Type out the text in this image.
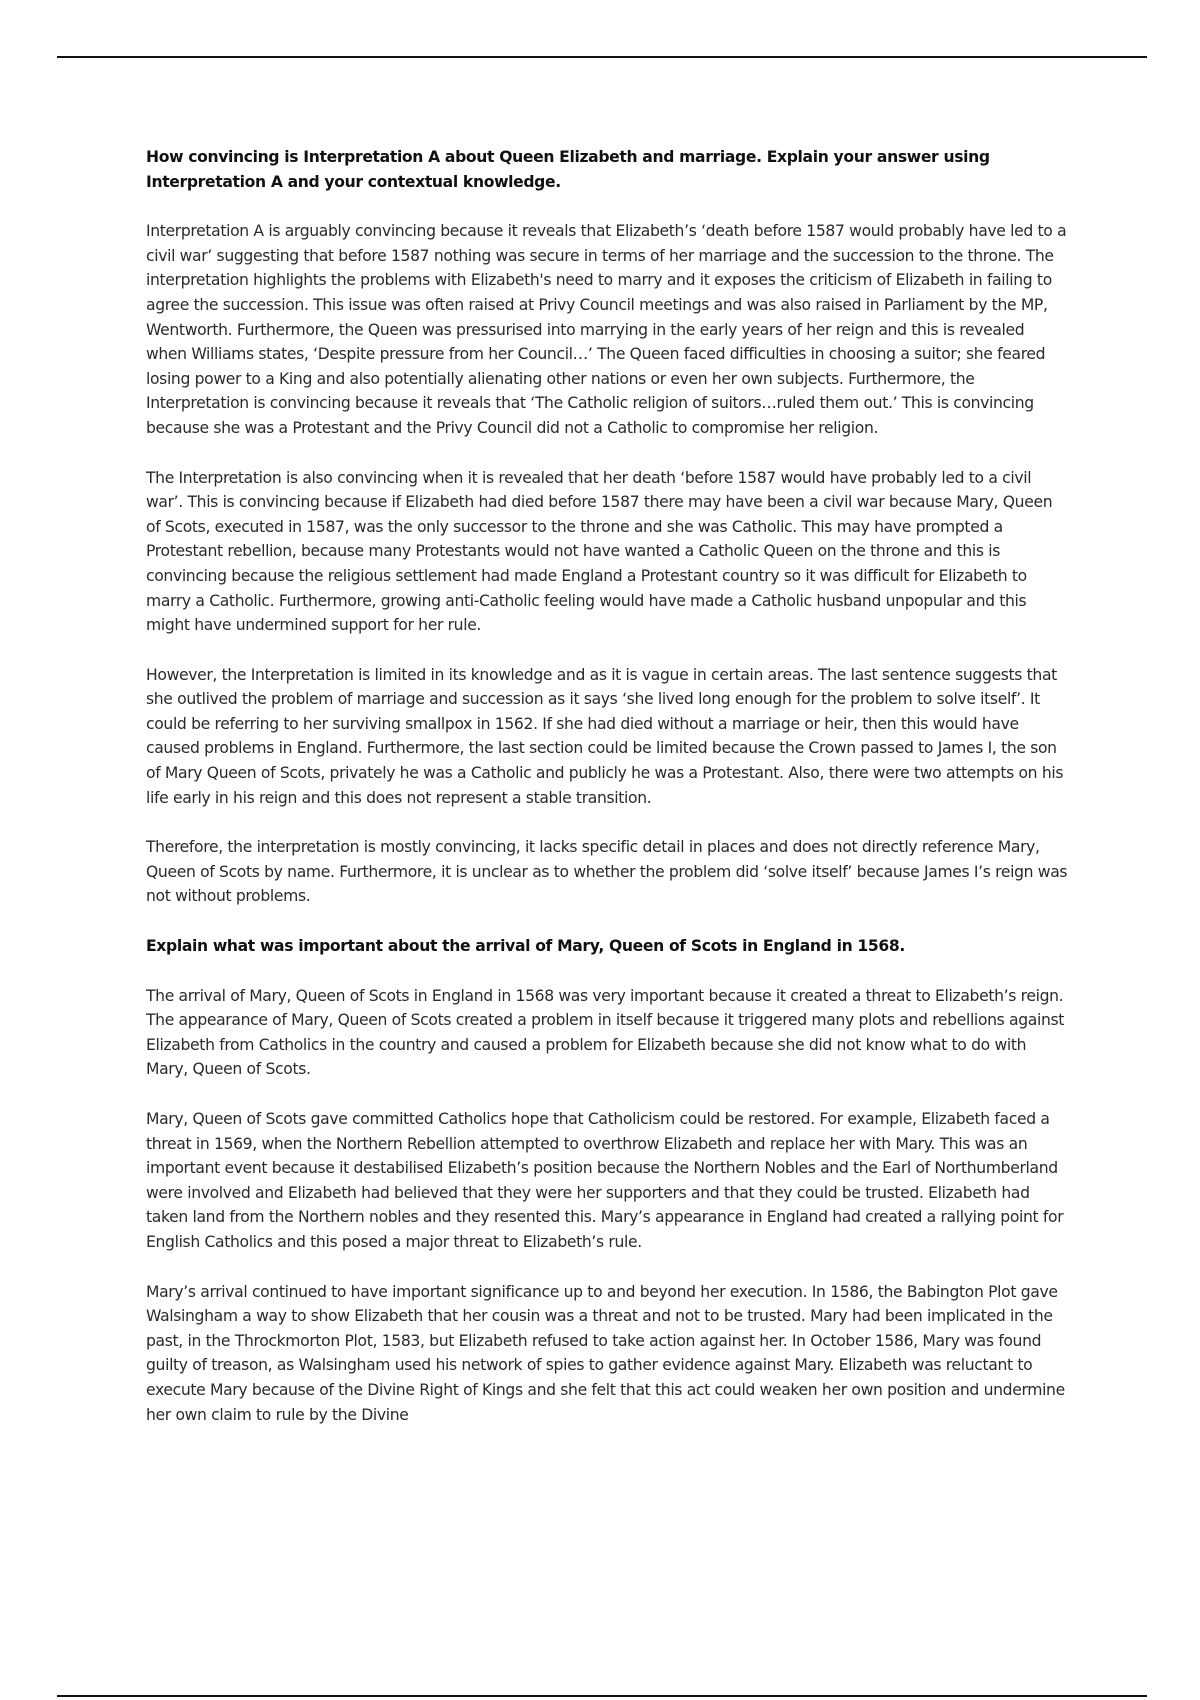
How convincing is Interpretation A about Queen Elizabeth and marriage. Explain your answer using Interpretation A and your contextual knowledge.

Interpretation A is arguably convincing because it reveals that Elizabeth’s ‘death before 1587 would probably have led to a civil war’ suggesting that before 1587 nothing was secure in terms of her marriage and the succession to the throne. The interpretation highlights the problems with Elizabeth's need to marry and it exposes the criticism of Elizabeth in failing to agree the succession. This issue was often raised at Privy Council meetings and was also raised in Parliament by the MP, Wentworth. Furthermore, the Queen was pressurised into marrying in the early years of her reign and this is revealed when Williams states, ‘Despite pressure from her Council…’ The Queen faced difficulties in choosing a suitor; she feared losing power to a King and also potentially alienating other nations or even her own subjects. Furthermore, the Interpretation is convincing because it reveals that ‘The Catholic religion of suitors…ruled them out.’ This is convincing because she was a Protestant and the Privy Council did not a Catholic to compromise her religion.

The Interpretation is also convincing when it is revealed that her death ‘before 1587 would have probably led to a civil war’. This is convincing because if Elizabeth had died before 1587 there may have been a civil war because Mary, Queen of Scots, executed in 1587, was the only successor to the throne and she was Catholic. This may have prompted a Protestant rebellion, because many Protestants would not have wanted a Catholic Queen on the throne and this is convincing because the religious settlement had made England a Protestant country so it was difficult for Elizabeth to marry a Catholic. Furthermore, growing anti-Catholic feeling would have made a Catholic husband unpopular and this might have undermined support for her rule.

However, the Interpretation is limited in its knowledge and as it is vague in certain areas. The last sentence suggests that she outlived the problem of marriage and succession as it says ‘she lived long enough for the problem to solve itself’. It could be referring to her surviving smallpox in 1562. If she had died without a marriage or heir, then this would have caused problems in England. Furthermore, the last section could be limited because the Crown passed to James I, the son of Mary Queen of Scots, privately he was a Catholic and publicly he was a Protestant. Also, there were two attempts on his life early in his reign and this does not represent a stable transition.

Therefore, the interpretation is mostly convincing, it lacks specific detail in places and does not directly reference Mary, Queen of Scots by name. Furthermore, it is unclear as to whether the problem did ‘solve itself’ because James I’s reign was not without problems.

Explain what was important about the arrival of Mary, Queen of Scots in England in 1568.

The arrival of Mary, Queen of Scots in England in 1568 was very important because it created a threat to Elizabeth’s reign. The appearance of Mary, Queen of Scots created a problem in itself because it triggered many plots and rebellions against Elizabeth from Catholics in the country and caused a problem for Elizabeth because she did not know what to do with Mary, Queen of Scots.

Mary, Queen of Scots gave committed Catholics hope that Catholicism could be restored. For example, Elizabeth faced a threat in 1569, when the Northern Rebellion attempted to overthrow Elizabeth and replace her with Mary. This was an important event because it destabilised Elizabeth’s position because the Northern Nobles and the Earl of Northumberland were involved and Elizabeth had believed that they were her supporters and that they could be trusted. Elizabeth had taken land from the Northern nobles and they resented this. Mary’s appearance in England had created a rallying point for English Catholics and this posed a major threat to Elizabeth’s rule.

Mary’s arrival continued to have important significance up to and beyond her execution. In 1586, the Babington Plot gave Walsingham a way to show Elizabeth that her cousin was a threat and not to be trusted. Mary had been implicated in the past, in the Throckmorton Plot, 1583, but Elizabeth refused to take action against her. In October 1586, Mary was found guilty of treason, as Walsingham used his network of spies to gather evidence against Mary. Elizabeth was reluctant to execute Mary because of the Divine Right of Kings and she felt that this act could weaken her own position and undermine her own claim to rule by the Divine
